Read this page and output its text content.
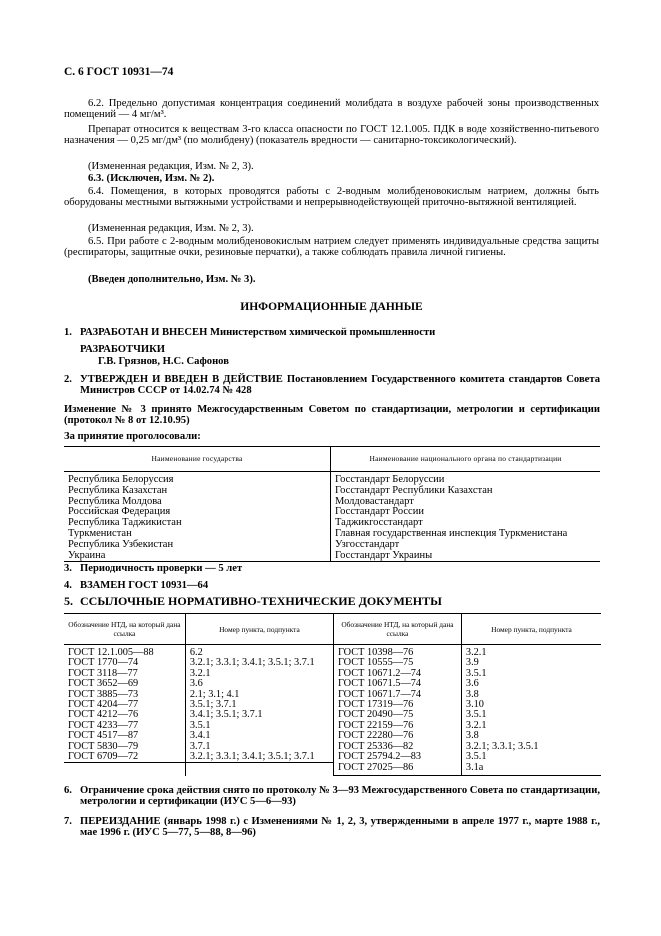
С. 6 ГОСТ 10931—74
6.2. Предельно допустимая концентрация соединений молибдата в воздухе рабочей зоны производственных помещений — 4 мг/м³.
Препарат относится к веществам 3-го класса опасности по ГОСТ 12.1.005. ПДК в воде хозяйственно-питьевого назначения — 0,25 мг/дм³ (по молибдену) (показатель вредности — санитарно-токсикологический).
(Измененная редакция, Изм. № 2, 3).
6.3. (Исключен, Изм. № 2).
6.4. Помещения, в которых проводятся работы с 2-водным молибденовокислым натрием, должны быть оборудованы местными вытяжными устройствами и непрерывнодействующей приточно-вытяжной вентиляцией.
(Измененная редакция, Изм. № 2, 3).
6.5. При работе с 2-водным молибденовокислым натрием следует применять индивидуальные средства защиты (респираторы, защитные очки, резиновые перчатки), а также соблюдать правила личной гигиены.
(Введен дополнительно, Изм. № 3).
ИНФОРМАЦИОННЫЕ ДАННЫЕ
1. РАЗРАБОТАН И ВНЕСЕН Министерством химической промышленности
РАЗРАБОТЧИКИ
Г.В. Грязнов, Н.С. Сафонов
2. УТВЕРЖДЕН И ВВЕДЕН В ДЕЙСТВИЕ Постановлением Государственного комитета стандартов Совета Министров СССР от 14.02.74 № 428
Изменение № 3 принято Межгосударственным Советом по стандартизации, метрологии и сертификации (протокол № 8 от 12.10.95)
За принятие проголосовали:
Наименование государства	Наименование национального органа по стандартизации
Республика Белоруссия	Госстандарт Белоруссии
Республика Казахстан	Госстандарт Республики Казахстан
Республика Молдова	Молдовастандарт
Российская Федерация	Госстандарт России
Республика Таджикистан	Таджикгосстандарт
Туркменистан	Главная государственная инспекция Туркменистана
Республика Узбекистан	Узгосстандарт
Украина	Госстандарт Украины
3. Периодичность проверки — 5 лет
4. ВЗАМЕН ГОСТ 10931—64
5. ССЫЛОЧНЫЕ НОРМАТИВНО-ТЕХНИЧЕСКИЕ ДОКУМЕНТЫ
Обозначение НТД, на который дана ссылка	Номер пункта, подпункта	Обозначение НТД, на который дана ссылка	Номер пункта, подпункта
ГОСТ 12.1.005—88	6.2	ГОСТ 10398—76	3.2.1
ГОСТ 1770—74	3.2.1; 3.3.1; 3.4.1; 3.5.1; 3.7.1	ГОСТ 10555—75	3.9
ГОСТ 3118—77	3.2.1	ГОСТ 10671.2—74	3.5.1
ГОСТ 3652—69	3.6	ГОСТ 10671.5—74	3.6
ГОСТ 3885—73	2.1; 3.1; 4.1	ГОСТ 10671.7—74	3.8
ГОСТ 4204—77	3.5.1; 3.7.1	ГОСТ 17319—76	3.10
ГОСТ 4212—76	3.4.1; 3.5.1; 3.7.1	ГОСТ 20490—75	3.5.1
ГОСТ 4233—77	3.5.1	ГОСТ 22159—76	3.2.1
ГОСТ 4517—87	3.4.1	ГОСТ 22280—76	3.8
ГОСТ 5830—79	3.7.1	ГОСТ 25336—82	3.2.1; 3.3.1; 3.5.1
ГОСТ 6709—72	3.2.1; 3.3.1; 3.4.1; 3.5.1; 3.7.1	ГОСТ 25794.2—83	3.5.1
		ГОСТ 27025—86	3.1а
6. Ограничение срока действия снято по протоколу № 3—93 Межгосударственного Совета по стандартизации, метрологии и сертификации (ИУС 5—6—93)
7. ПЕРЕИЗДАНИЕ (январь 1998 г.) с Изменениями № 1, 2, 3, утвержденными в апреле 1977 г., марте 1988 г., мае 1996 г. (ИУС 5—77, 5—88, 8—96)
